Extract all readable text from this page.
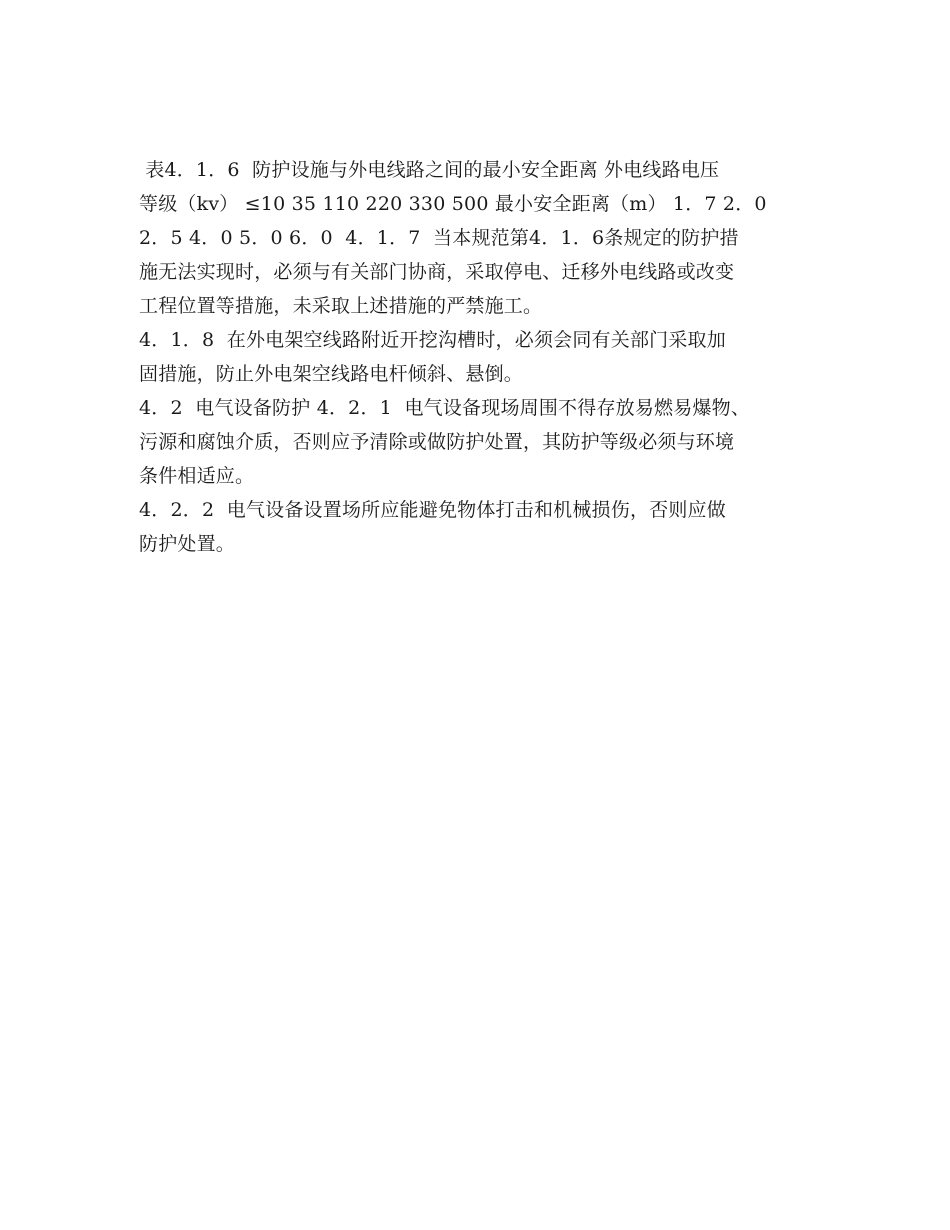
表4．1．6  防护设施与外电线路之间的最小安全距离 外电线路电压
等级（kv） ≤10 35 110 220 330 500 最小安全距离（m） 1．7 2．0
2．5 4．0 5．0 6．0  4．1．7  当本规范第4．1．6条规定的防护措
施无法实现时，必须与有关部门协商，采取停电、迁移外电线路或改变
工程位置等措施，未采取上述措施的严禁施工。
4．1．8  在外电架空线路附近开挖沟槽时，必须会同有关部门采取加
固措施，防止外电架空线路电杆倾斜、悬倒。
4．2  电气设备防护 4．2．1  电气设备现场周围不得存放易燃易爆物、
污源和腐蚀介质，否则应予清除或做防护处置，其防护等级必须与环境
条件相适应。
4．2．2  电气设备设置场所应能避免物体打击和机械损伤，否则应做
防护处置。
